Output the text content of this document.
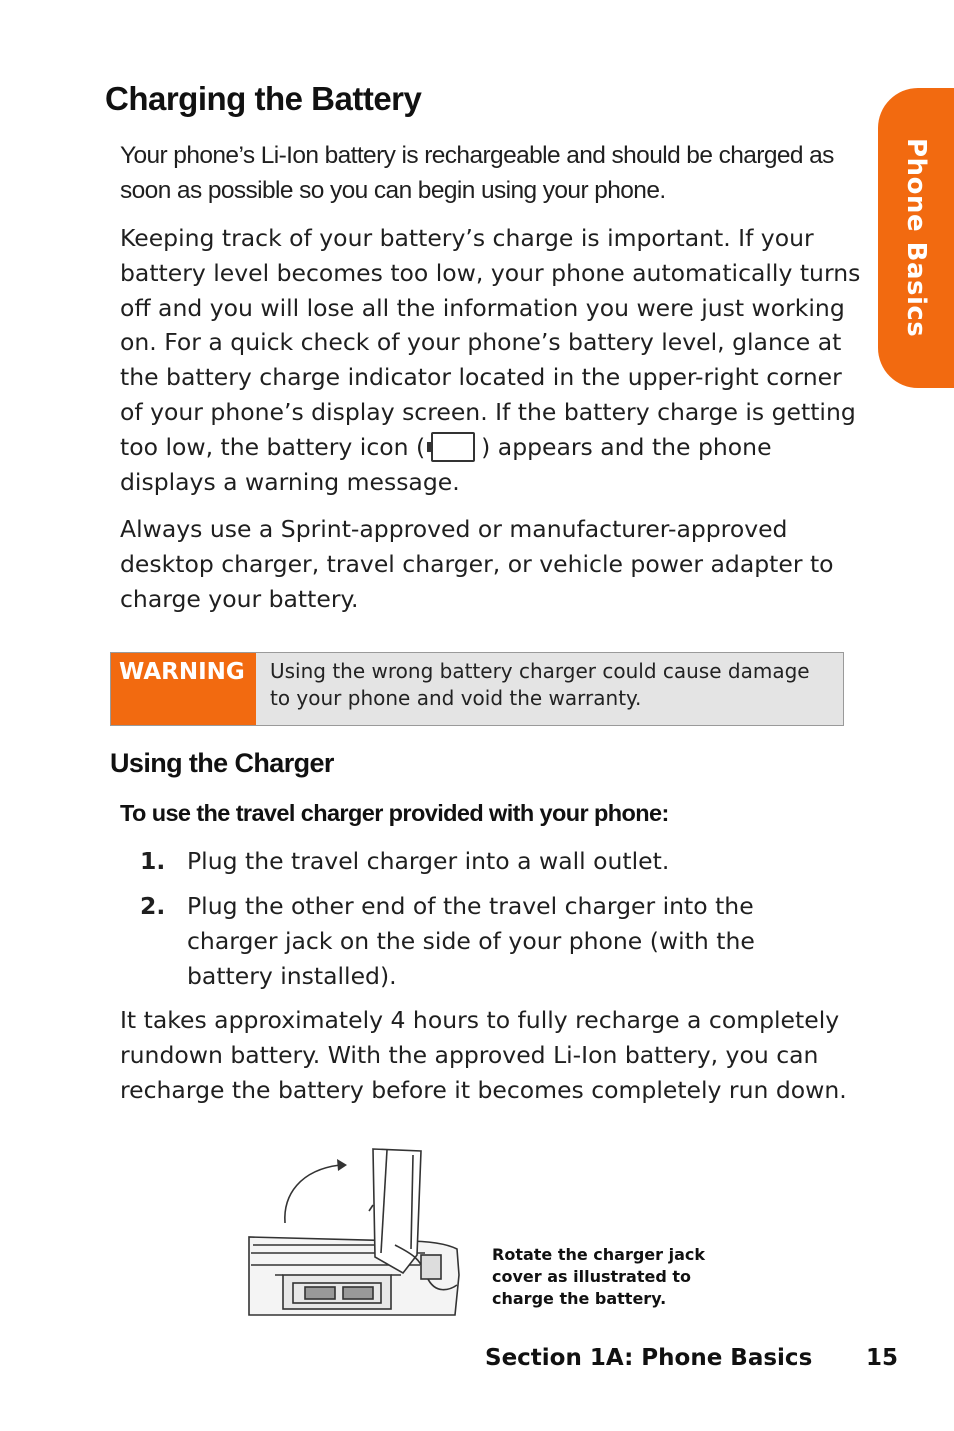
Charging the Battery
Phone Basics

Your phone’s Li-Ion battery is rechargeable and should be charged as soon as possible so you can begin using your phone.

Keeping track of your battery’s charge is important. If your battery level becomes too low, your phone automatically turns off and you will lose all the information you were just working on. For a quick check of your phone’s battery level, glance at the battery charge indicator located in the upper-right corner of your phone’s display screen. If the battery charge is getting too low, the battery icon ( ) appears and the phone displays a warning message.

Always use a Sprint-approved or manufacturer-approved desktop charger, travel charger, or vehicle power adapter to charge your battery.

WARNING	Using the wrong battery charger could cause damage to your phone and void the warranty.
Using the Charger

To use the travel charger provided with your phone:

1. Plug the travel charger into a wall outlet.
2. Plug the other end of the travel charger into the charger jack on the side of your phone (with the battery installed).

It takes approximately 4 hours to fully recharge a completely rundown battery. With the approved Li-Ion battery, you can recharge the battery before it becomes completely run down.

Rotate the charger jack cover as illustrated to charge the battery.
Section 1A: Phone Basics 15
